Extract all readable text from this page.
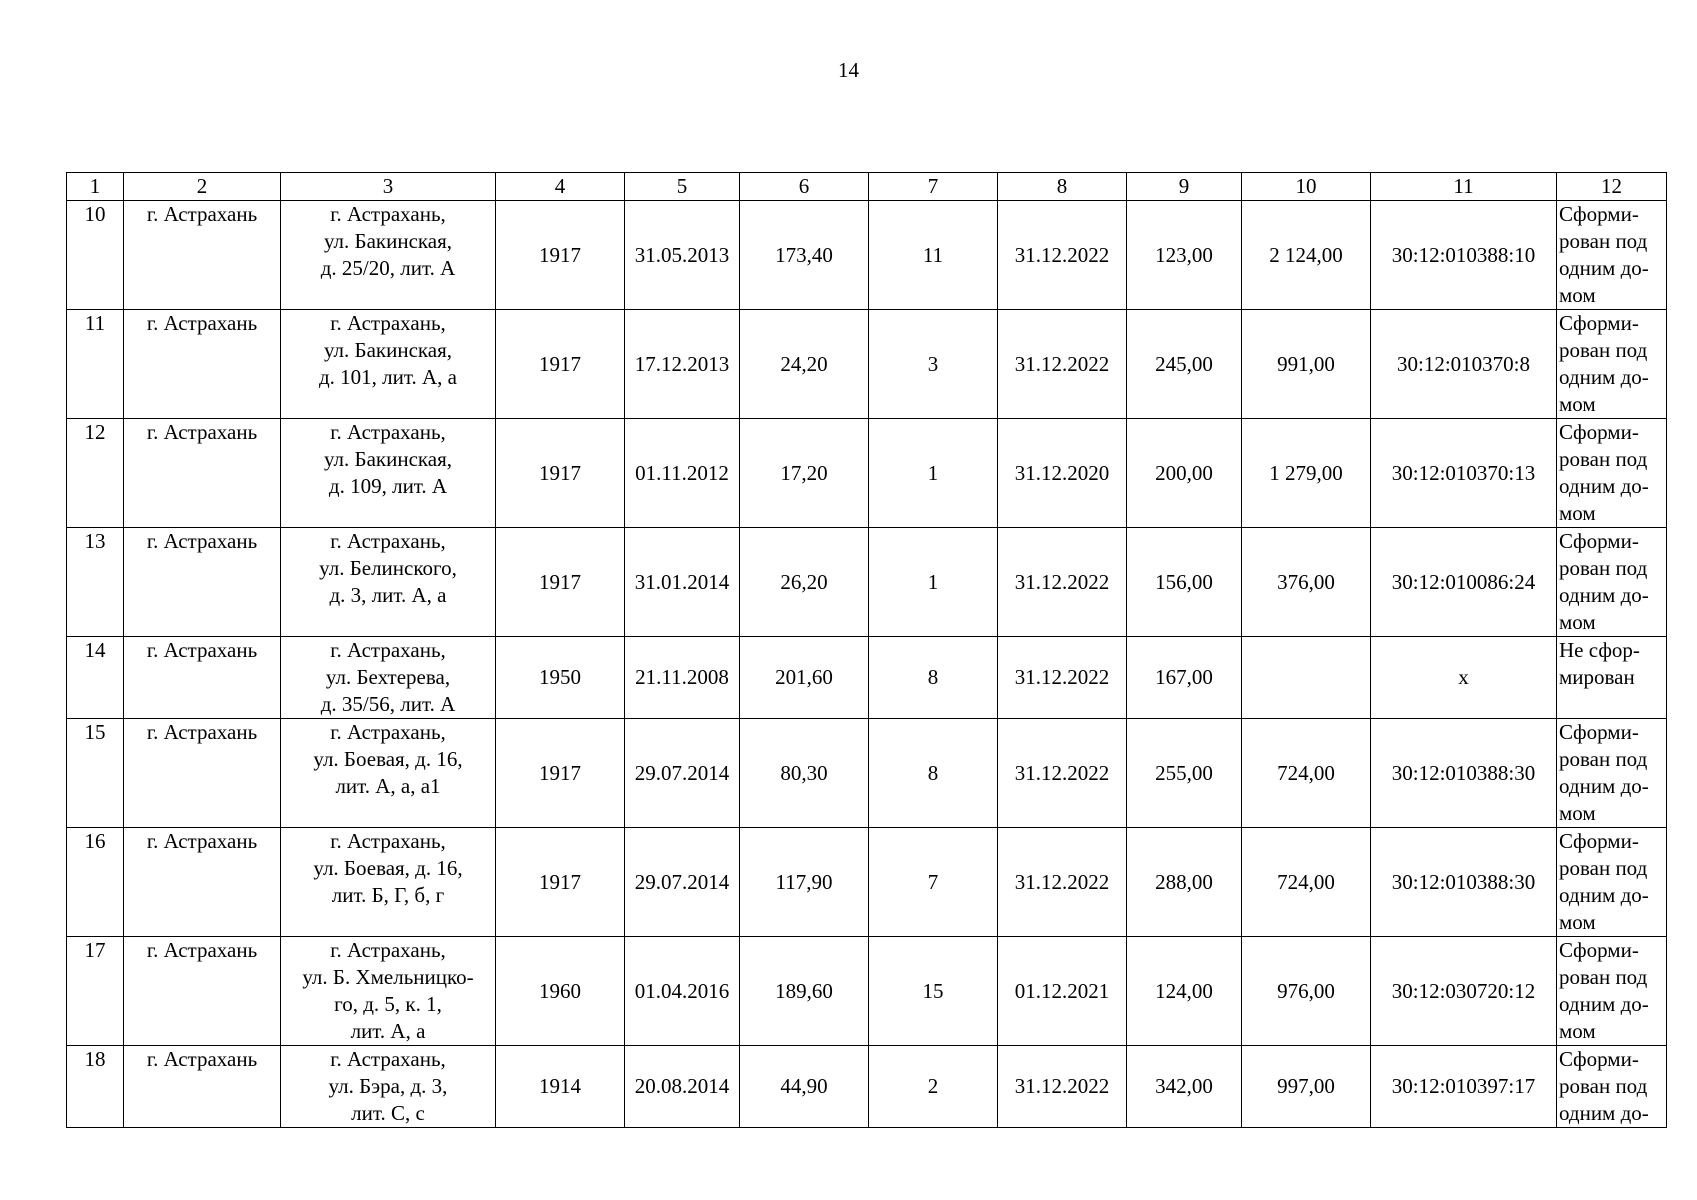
14
1	2	3	4	5	6	7	8	9	10	11	12
10	г. Астрахань	г. Астрахань,
ул. Бакинская,
д. 25/20, лит. А	1917	31.05.2013	173,40	11	31.12.2022	123,00	2 124,00	30:12:010388:10	Сформи-
рован под
одним до-
мом

11	г. Астрахань	г. Астрахань,
ул. Бакинская,
д. 101, лит. А, а	1917	17.12.2013	24,20	3	31.12.2022	245,00	991,00	30:12:010370:8	Сформи-
рован под
одним до-
мом

12	г. Астрахань	г. Астрахань,
ул. Бакинская,
д. 109, лит. А	1917	01.11.2012	17,20	1	31.12.2020	200,00	1 279,00	30:12:010370:13	Сформи-
рован под
одним до-
мом

13	г. Астрахань	г. Астрахань,
ул. Белинского,
д. 3, лит. А, а	1917	31.01.2014	26,20	1	31.12.2022	156,00	376,00	30:12:010086:24	Сформи-
рован под
одним до-
мом

14	г. Астрахань	г. Астрахань,
ул. Бехтерева,
д. 35/56, лит. А	1950	21.11.2008	201,60	8	31.12.2022	167,00		х	Не сфор-
мирован

15	г. Астрахань	г. Астрахань,
ул. Боевая, д. 16,
лит. А, а, а1	1917	29.07.2014	80,30	8	31.12.2022	255,00	724,00	30:12:010388:30	Сформи-
рован под
одним до-
мом

16	г. Астрахань	г. Астрахань,
ул. Боевая, д. 16,
лит. Б, Г, б, г	1917	29.07.2014	117,90	7	31.12.2022	288,00	724,00	30:12:010388:30	Сформи-
рован под
одним до-
мом

17	г. Астрахань	г. Астрахань,
ул. Б. Хмельницко-
го, д. 5, к. 1,
лит. А, а	1960	01.04.2016	189,60	15	01.12.2021	124,00	976,00	30:12:030720:12	Сформи-
рован под
одним до-
мом

18	г. Астрахань	г. Астрахань,
ул. Бэра, д. 3,
лит. С, с	1914	20.08.2014	44,90	2	31.12.2022	342,00	997,00	30:12:010397:17	Сформи-
рован под
одним до-
